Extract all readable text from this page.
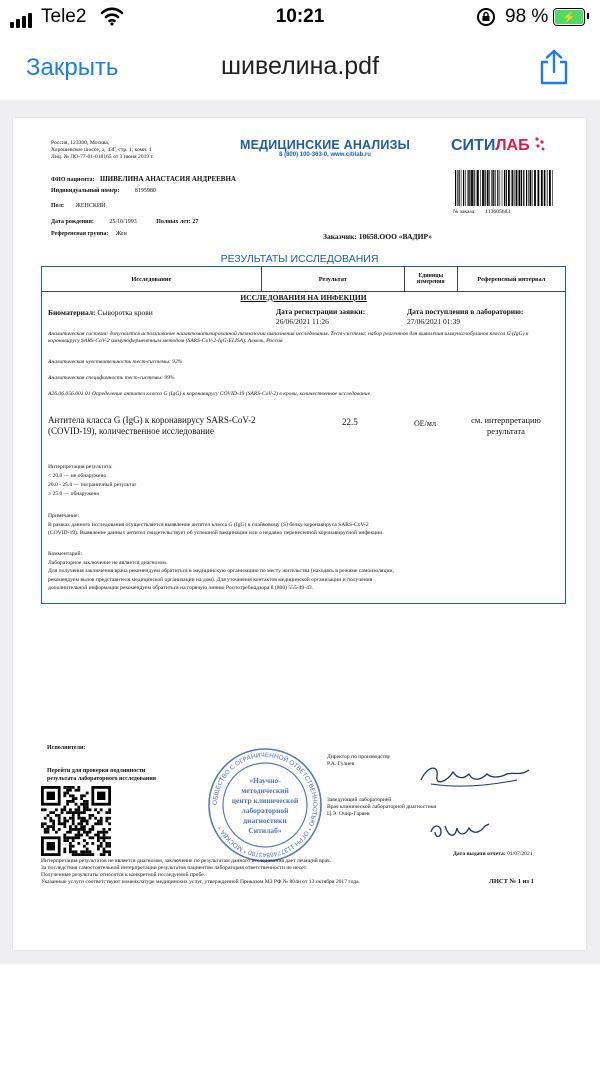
Tele2	10:21	98 %	⚡
Закрыть	шивелина.pdf
Россия, 123300, Москва,
Хорошевское шоссе, д. 43Г, стр. 1, комн. 1
Лиц. № ЛО-77-01-018165 от 3 июня 2019 г.
МЕДИЦИНСКИЕ АНАЛИЗЫ
8 (800) 100-363-0, www.citilab.ru
СИТИЛАБ
ФИО пациента: ШИВЕЛИНА АНАСТАСИЯ АНДРЕЕВНА
Индивидуальный номер:	8195980
Пол: ЖЕНСКИЙ
№ заказа: 113605683
Дата рождения:	25/10/1993	Полных лет: 27
Референсная группа: Жен	Заказчик: 10658.ООО «ВАДИР»
РЕЗУЛЬТАТЫ ИССЛЕДОВАНИЯ
Исследование	Результат	Единицы измерения	Референсный интервал
ИССЛЕДОВАНИЯ НА ИНФЕКЦИИ
Биоматериал: Сыворотка крови	Дата регистрации заявки:
26/06/2021 11:26
Дата поступления в лабораторию:
27/06/2021 01:39
Аналитическая система: допускается использование наиавтоматизированной технологии выполнения исследования. Тест-система: набор реагентов для выявления иммуноглобулинов класса G (IgG) к коронавирусу SARS-CoV-2 иммуноферментным методом (SARS-CoV-2-IgG-ELISA). Алкель, Россия
Аналитическая чувствительность тест-системы: 92%
Аналитическая специфичность тест-системы: 99%
А26.06.056.001.01 Определение антител класса G (IgG) к коронавирусу COVID-19 (SARS-CoV-2) в крови, количественное исследование
Антитела класса G (IgG) к коронавирусу SARS-CoV-2 (COVID-19), количественное исследование
22.5	ОЕ/мл	см. интерпретацию результата
Интерпретация результата:
< 20.0 — не обнаружено
20.0 - 25.0 — пограничный результат
≥ 25.0 — обнаружено
Примечание:
В рамках данного исследования осуществляется выявление антител класса G (IgG) к спайковому (S) белку коронавируса SARS-CoV-2
(COVID-19). Выявление данных антител свидетельствует об успешной вакцинации или о недавно перенесенной коронавирусной инфекции.
Комментарий:
Лабораторное заключение не является диагнозом.
Для получения заключения врача рекомендуем обратиться в медицинскую организацию по месту жительства (находясь в режиме самоизоляции,
рекомендуем вызов представителя медицинской организации на дом). Для уточнения контактов медицинской организации и получения
дополнительной информации рекомендуем обратиться на горячую линию Роспотребнадзора 8 (800) 555-49-43.
Исполнители:
Перейти для проверки подлинности
результата лабораторного исследования
ОБЩЕСТВО С ОГРАНИЧЕННОЙ ОТВЕТСТВЕННОСТЬЮ * ОГРН 1137746843780 * МОСКВА *
«Научно-
методический
центр клинической
лабораторной
диагностики
Ситилаб»
Директор по производству
Р.А. Гулиев
Заведующий лабораторией
Врач клинической лабораторной диагностики
Ц.Э. Очир-Гаряев
Дата выдачи отчета: 01/07/2021
Интерпретация результатов не является диагнозом, заключение по результатам данного исследования дает лечащий врач.
За последствия самостоятельной интерпретации результатов пациентом лаборатория ответственности не несет.
Полученные результаты относятся к конкретной исследуемой пробе.
Указанные услуги соответствуют номенклатуре медицинских услуг, утвержденной Приказом МЗ РФ № 804н от 13 октября 2017 года.	ЛИСТ № 1 из 1
